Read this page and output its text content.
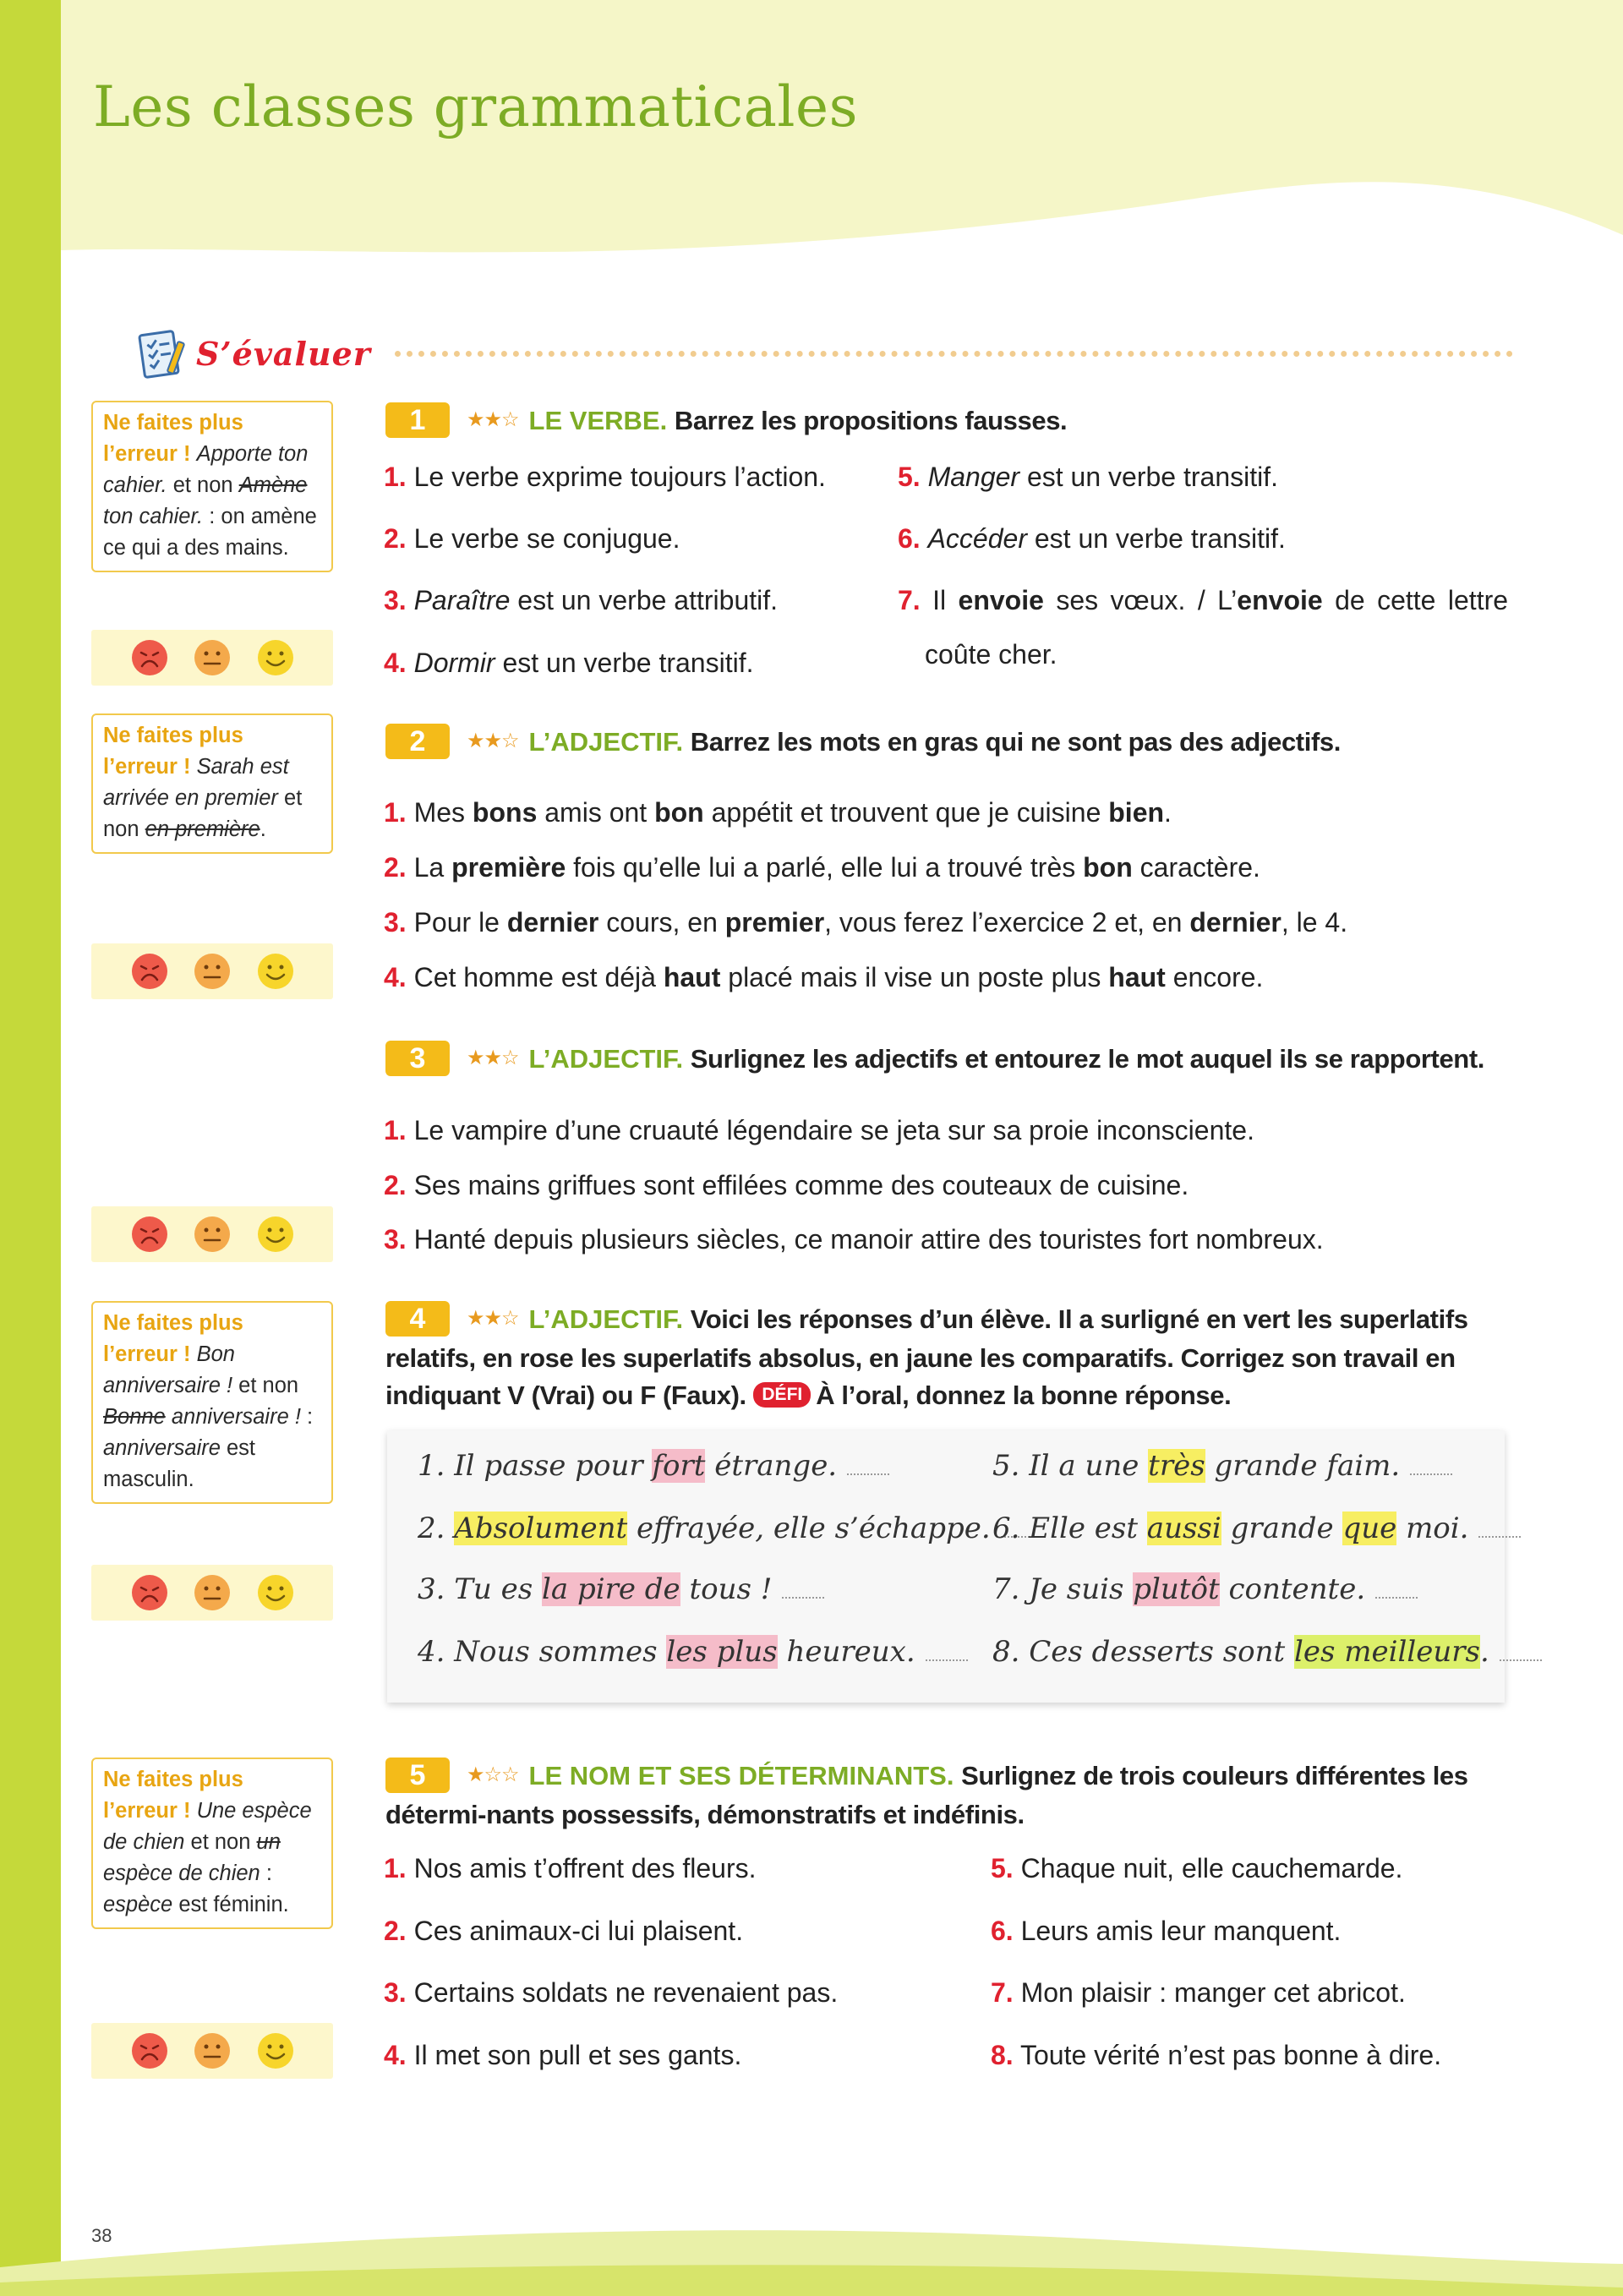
Les classes grammaticales
S’évaluer
Ne faites plus l’erreur ! Apporte ton cahier. et non Amène ton cahier. : on amène ce qui a des mains.
Ne faites plus l’erreur ! Sarah est arrivée en premier et non en première.
Ne faites plus l’erreur ! Bon anniversaire ! et non Bonne anniversaire ! : anniversaire est masculin.
Ne faites plus l’erreur ! Une espèce de chien et non un espèce de chien : espèce est féminin.
1 ★★☆ LE VERBE. Barrez les propositions fausses.
1. Le verbe exprime toujours l’action.
2. Le verbe se conjugue.
3. Paraître est un verbe attributif.
4. Dormir est un verbe transitif.
5. Manger est un verbe transitif.
6. Accéder est un verbe transitif.
7. Il envoie ses vœux. / L’envoie de cette lettre
coûte cher.
2 ★★☆ L’ADJECTIF. Barrez les mots en gras qui ne sont pas des adjectifs.
1. Mes bons amis ont bon appétit et trouvent que je cuisine bien.
2. La première fois qu’elle lui a parlé, elle lui a trouvé très bon caractère.
3. Pour le dernier cours, en premier, vous ferez l’exercice 2 et, en dernier, le 4.
4. Cet homme est déjà haut placé mais il vise un poste plus haut encore.
3 ★★☆ L’ADJECTIF. Surlignez les adjectifs et entourez le mot auquel ils se rapportent.
1. Le vampire d’une cruauté légendaire se jeta sur sa proie inconsciente.
2. Ses mains griffues sont effilées comme des couteaux de cuisine.
3. Hanté depuis plusieurs siècles, ce manoir attire des touristes fort nombreux.
4 ★★☆ L’ADJECTIF. Voici les réponses d’un élève. Il a surligné en vert les superlatifs relatifs, en rose les superlatifs absolus, en jaune les comparatifs. Corrigez son travail en indiquant V (Vrai) ou F (Faux). DÉFI À l’oral, donnez la bonne réponse.
1. Il passe pour fort étrange.
2. Absolument effrayée, elle s’échappe.
3. Tu es la pire de tous !
4. Nous sommes les plus heureux.
5. Il a une très grande faim.
6. Elle est aussi grande que moi.
7. Je suis plutôt contente.
8. Ces desserts sont les meilleurs.
5 ★☆☆ LE NOM ET SES DÉTERMINANTS. Surlignez de trois couleurs différentes les détermi-nants possessifs, démonstratifs et indéfinis.
1. Nos amis t’offrent des fleurs.
2. Ces animaux-ci lui plaisent.
3. Certains soldats ne revenaient pas.
4. Il met son pull et ses gants.
5. Chaque nuit, elle cauchemarde.
6. Leurs amis leur manquent.
7. Mon plaisir : manger cet abricot.
8. Toute vérité n’est pas bonne à dire.
38
